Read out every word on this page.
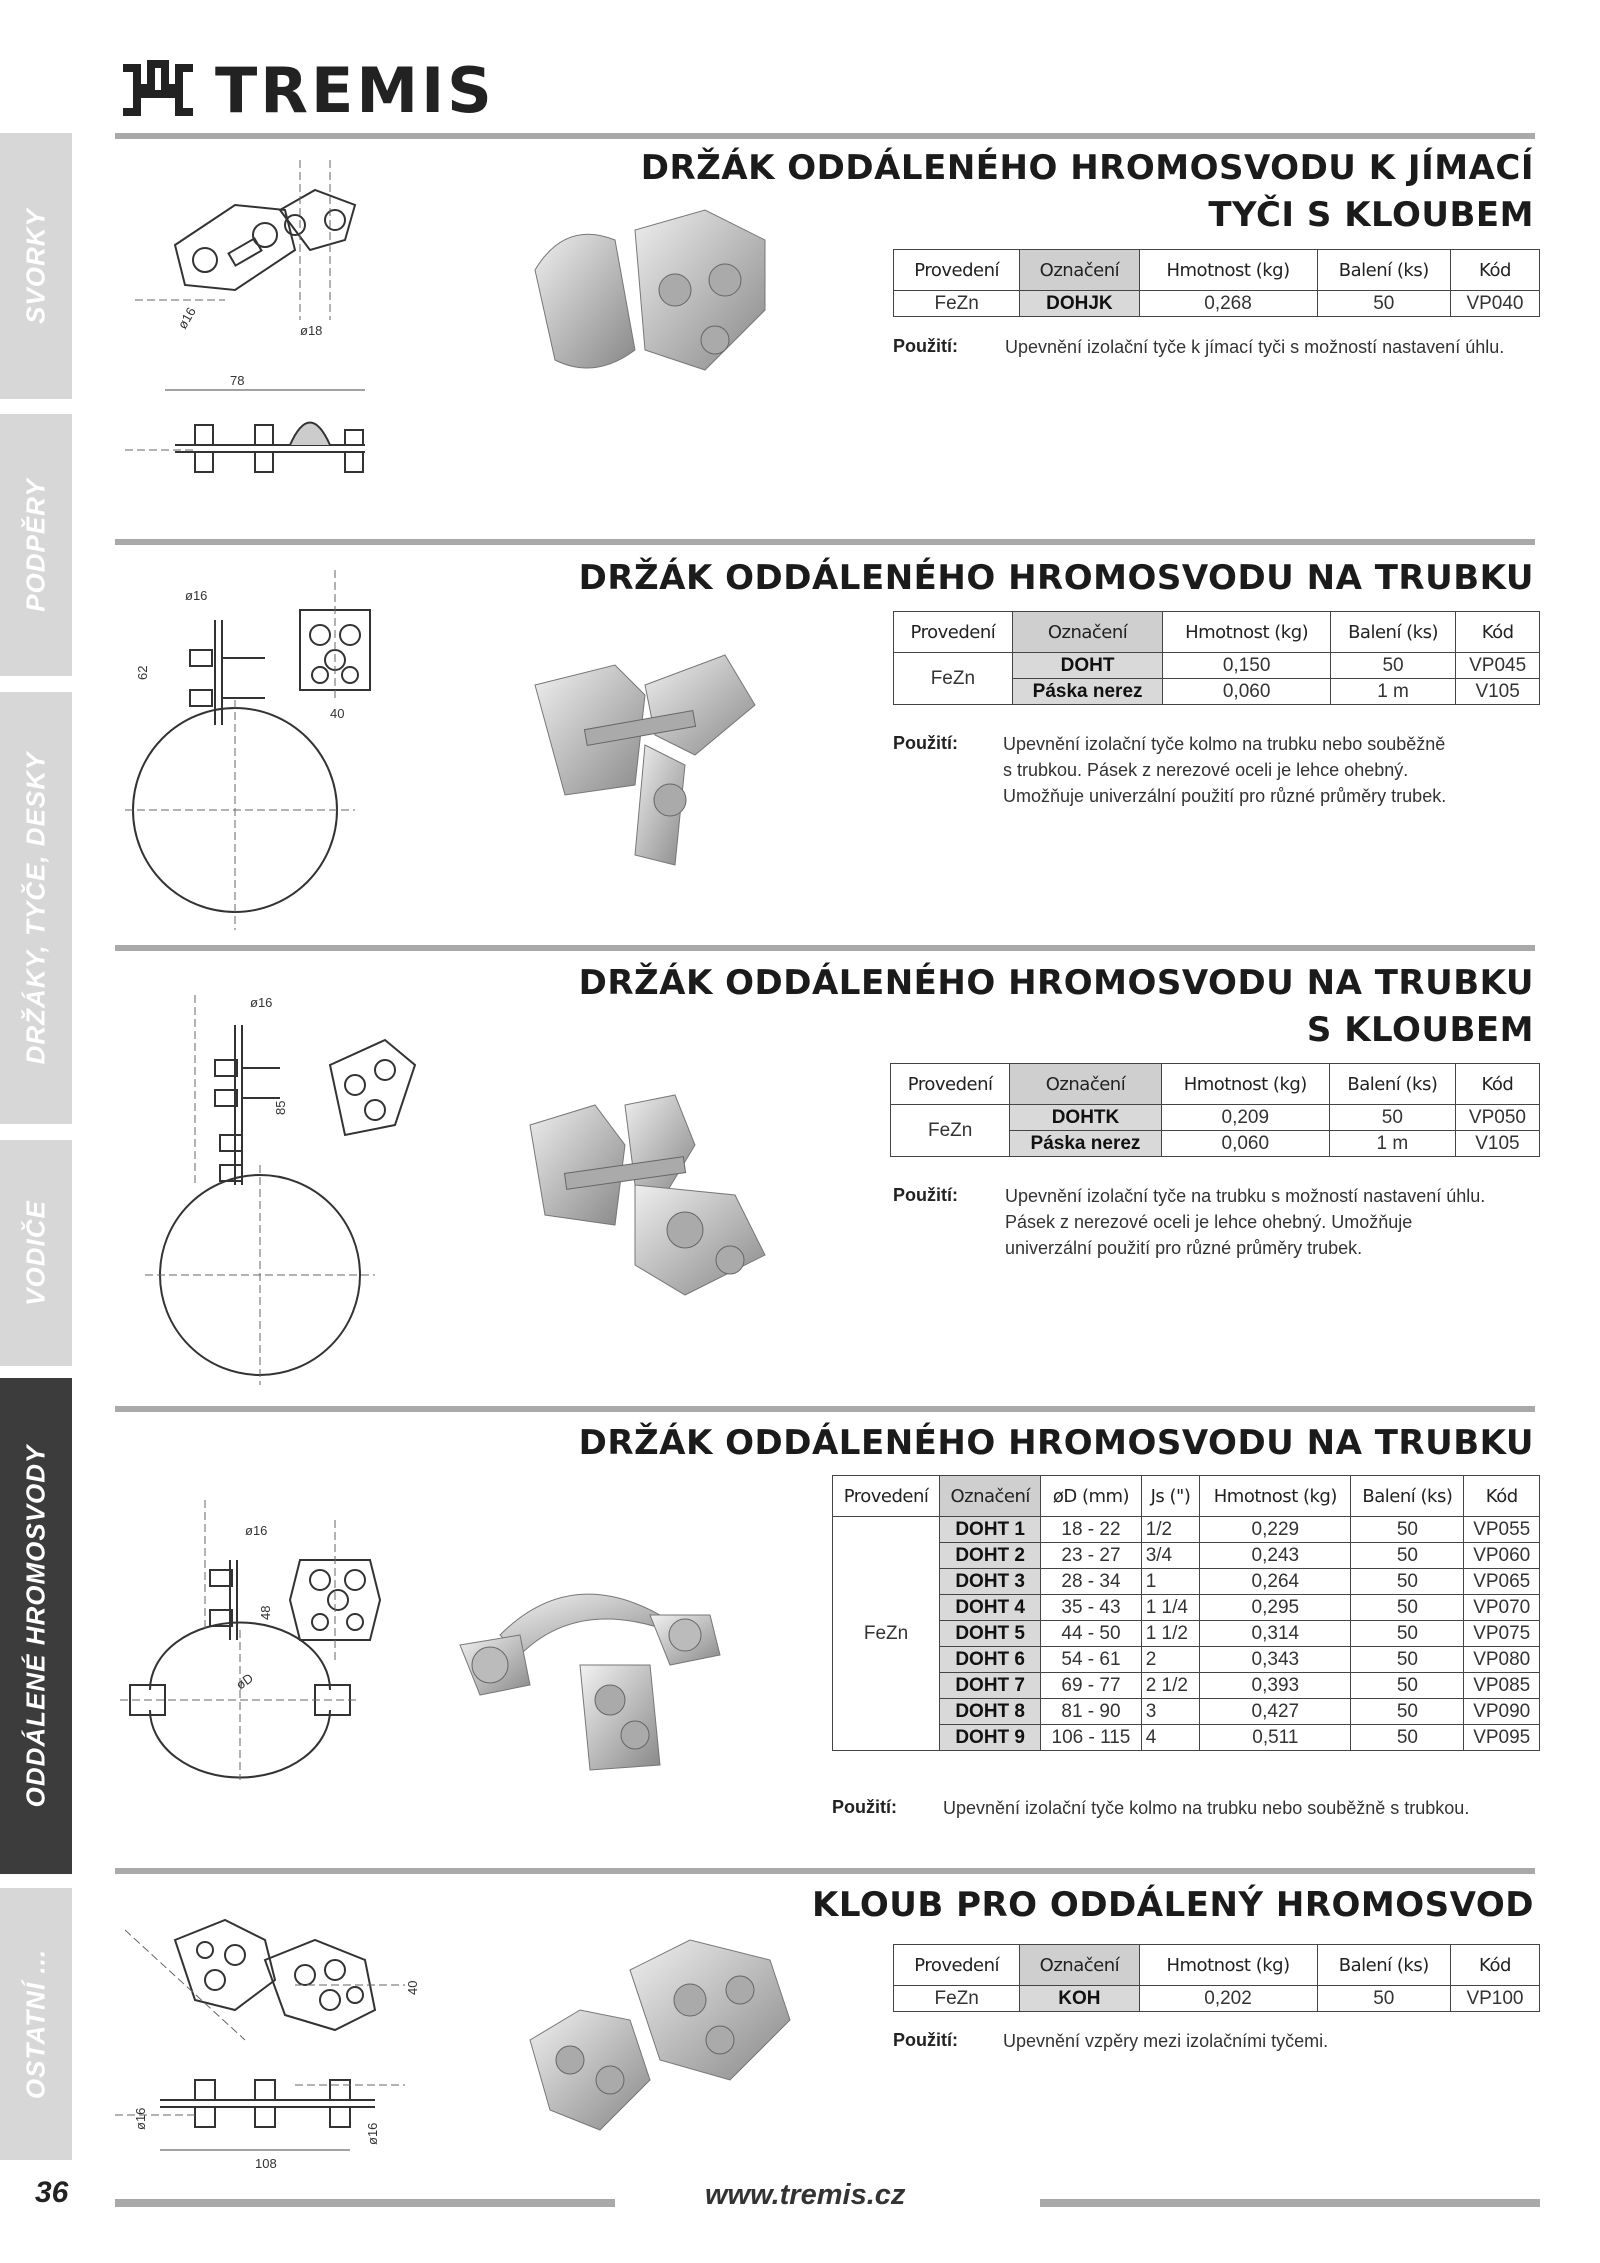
SVORKY
PODPĚRY
DRŽÁKY, TYČE, DESKY
VODIČE
ODDÁLENÉ HROMOSVODY
OSTATNÍ ...
TREMIS
DRŽÁK ODDÁLENÉHO HROMOSVODU K JÍMACÍ
TYČI S KLOUBEM
ø16	ø18
78
Provedení	Označení	Hmotnost (kg)	Balení (ks)	Kód
FeZn	DOHJK	0,268	50	VP040
Použití:	Upevnění izolační tyče k jímací tyči s možností nastavení úhlu.
DRŽÁK ODDÁLENÉHO HROMOSVODU NA TRUBKU
ø16
62
40
Provedení	Označení	Hmotnost (kg)	Balení (ks)	Kód
FeZn	DOHT	0,150	50	VP045
	Páska nerez	0,060	1 m	V105
Použití:	Upevnění izolační tyče kolmo na trubku nebo souběžně
s trubkou. Pásek z nerezové oceli je lehce ohebný.
Umožňuje univerzální použití pro různé průměry trubek.
DRŽÁK ODDÁLENÉHO HROMOSVODU NA TRUBKU
S KLOUBEM
ø16
85
Provedení	Označení	Hmotnost (kg)	Balení (ks)	Kód
FeZn	DOHTK	0,209	50	VP050
	Páska nerez	0,060	1 m	V105
Použití:	Upevnění izolační tyče na trubku s možností nastavení úhlu.
Pásek z nerezové oceli je lehce ohebný. Umožňuje
univerzální použití pro různé průměry trubek.
DRŽÁK ODDÁLENÉHO HROMOSVODU NA TRUBKU
ø16
48
øD
Provedení	Označení	øD (mm)	Js (")	Hmotnost (kg)	Balení (ks)	Kód
FeZn	DOHT 1	18 - 22	1/2	0,229	50	VP055
	DOHT 2	23 - 27	3/4	0,243	50	VP060
	DOHT 3	28 - 34	1	0,264	50	VP065
	DOHT 4	35 - 43	1 1/4	0,295	50	VP070
	DOHT 5	44 - 50	1 1/2	0,314	50	VP075
	DOHT 6	54 - 61	2	0,343	50	VP080
	DOHT 7	69 - 77	2 1/2	0,393	50	VP085
	DOHT 8	81 - 90	3	0,427	50	VP090
	DOHT 9	106 - 115	4	0,511	50	VP095
Použití:	Upevnění izolační tyče kolmo na trubku nebo souběžně s trubkou.
KLOUB PRO ODDÁLENÝ HROMOSVOD
40
ø16
ø16
108
Provedení	Označení	Hmotnost (kg)	Balení (ks)	Kód
FeZn	KOH	0,202	50	VP100
Použití:	Upevnění vzpěry mezi izolačními tyčemi.
36	www.tremis.cz
